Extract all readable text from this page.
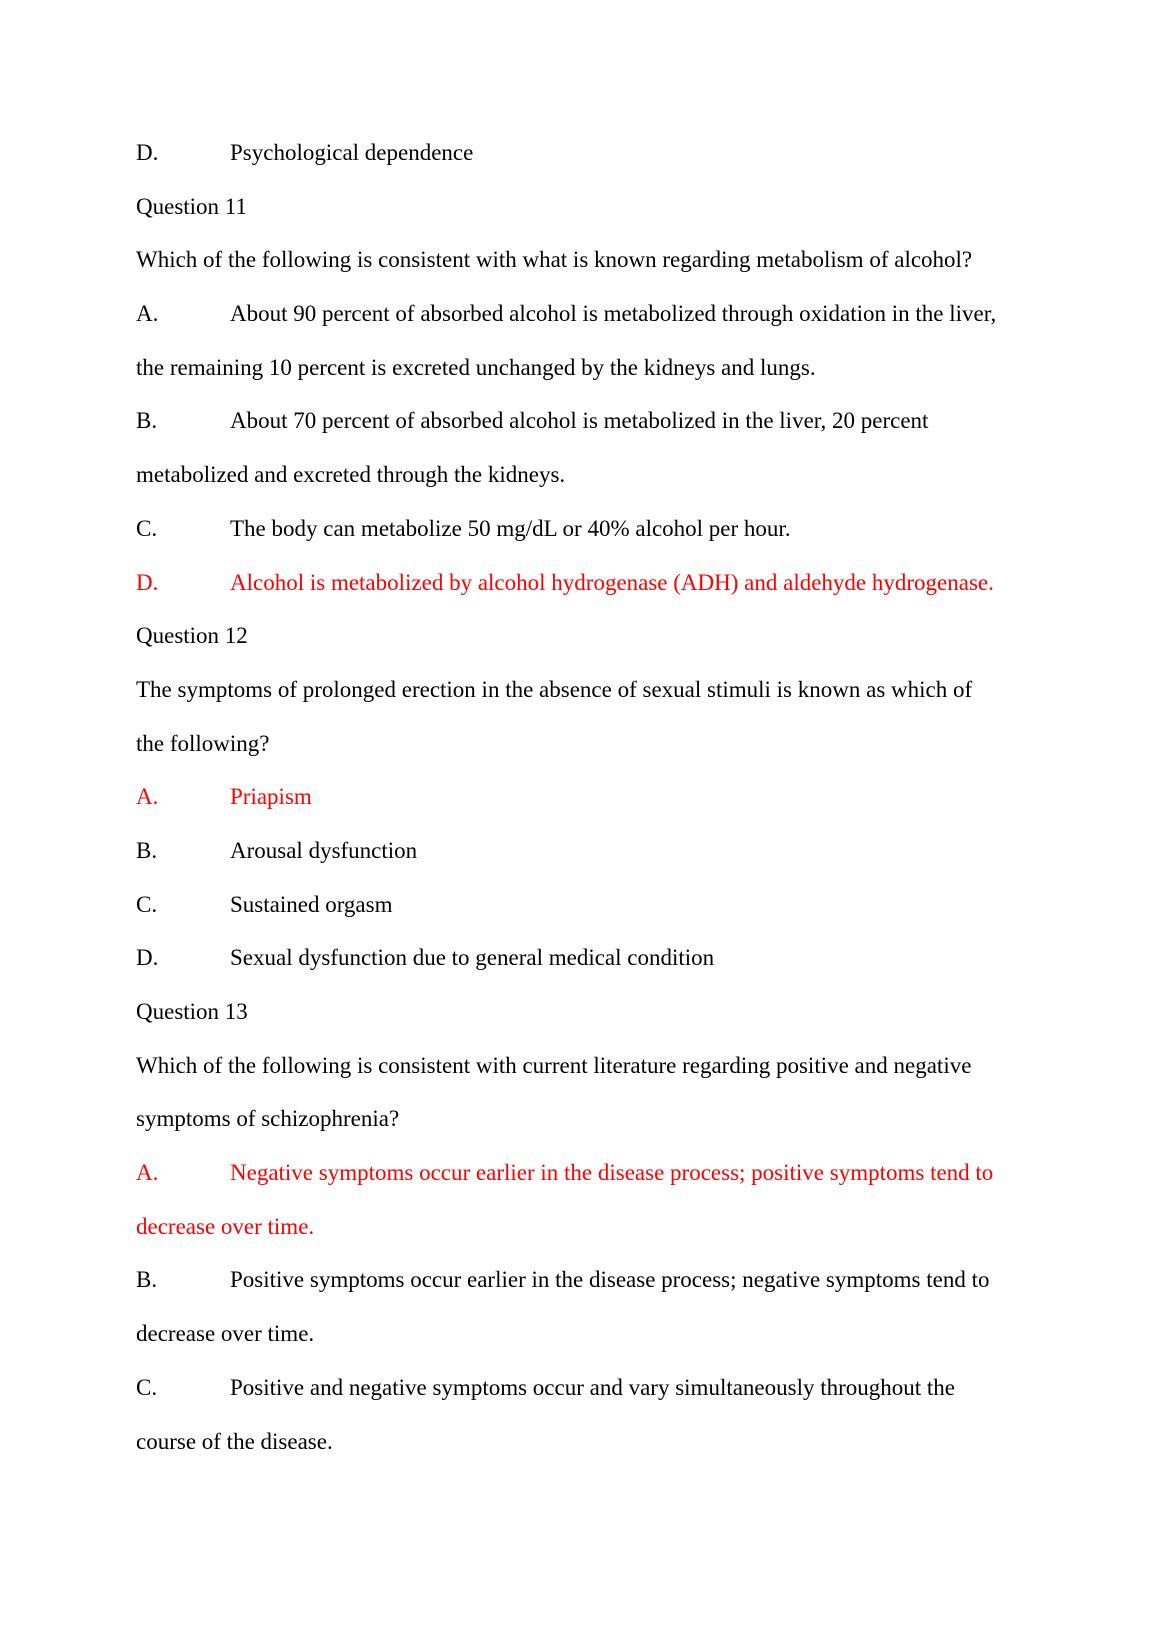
D.	Psychological dependence

Question 11

Which of the following is consistent with what is known regarding metabolism of alcohol?

A.	About 90 percent of absorbed alcohol is metabolized through oxidation in the liver,

the remaining 10 percent is excreted unchanged by the kidneys and lungs.

B.	About 70 percent of absorbed alcohol is metabolized in the liver, 20 percent

metabolized and excreted through the kidneys.

C.	The body can metabolize 50 mg/dL or 40% alcohol per hour.

D.	Alcohol is metabolized by alcohol hydrogenase (ADH) and aldehyde hydrogenase.

Question 12

The symptoms of prolonged erection in the absence of sexual stimuli is known as which of

the following?

A.	Priapism

B.	Arousal dysfunction

C.	Sustained orgasm

D.	Sexual dysfunction due to general medical condition

Question 13

Which of the following is consistent with current literature regarding positive and negative

symptoms of schizophrenia?

A.	Negative symptoms occur earlier in the disease process; positive symptoms tend to

decrease over time.

B.	Positive symptoms occur earlier in the disease process; negative symptoms tend to

decrease over time.

C.	Positive and negative symptoms occur and vary simultaneously throughout the

course of the disease.
